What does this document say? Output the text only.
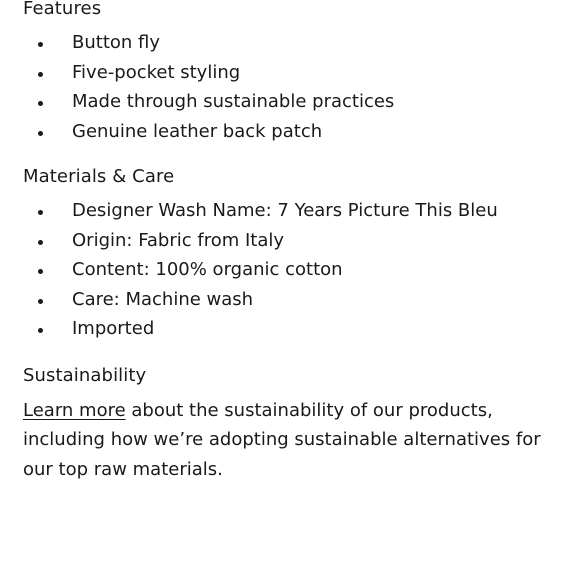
Features
Button fly
Five-pocket styling
Made through sustainable practices
Genuine leather back patch
Materials & Care
Designer Wash Name: 7 Years Picture This Bleu
Origin: Fabric from Italy
Content: 100% organic cotton
Care: Machine wash
Imported
Sustainability

Learn more about the sustainability of our products, including how we’re adopting sustainable alternatives for our top raw materials.
